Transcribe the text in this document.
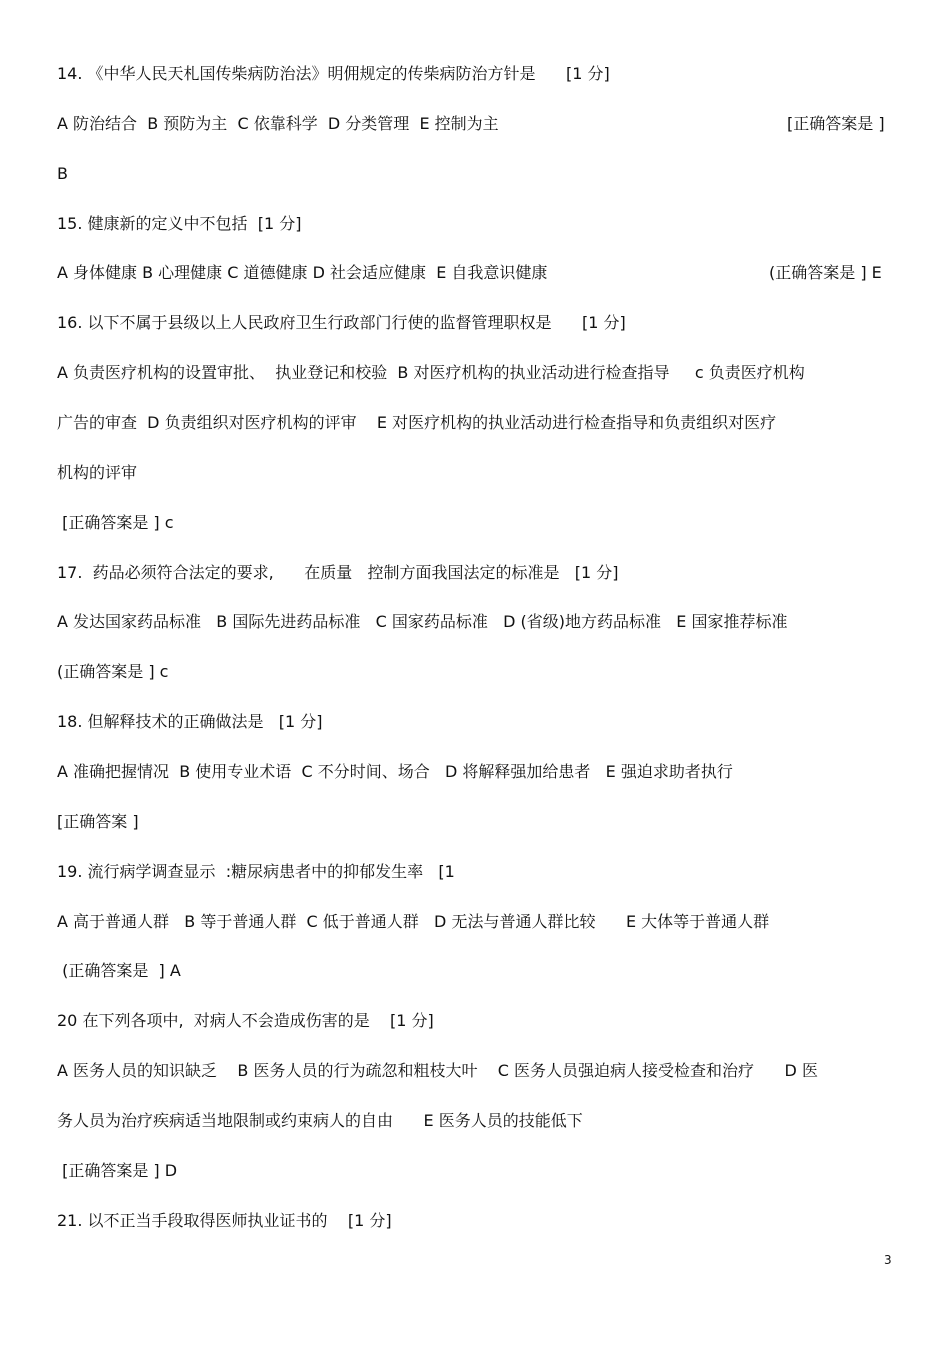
14. 《中华人民天札国传柴病防治法》明佣规定的传柴病防治方针是      [1 分]
A 防治结合  B 预防为主  C 依靠科学  D 分类管理  E 控制为主	[正确答案是 ]
B
15. 健康新的定义中不包括  [1 分]
A 身体健康 B 心理健康 C 道德健康 D 社会适应健康  E 自我意识健康	(正确答案是 ] E
16. 以下不属于县级以上人民政府卫生行政部门行使的监督管理职权是      [1 分]
A 负责医疗机构的设置审批、  执业登记和校验  B 对医疗机构的执业活动进行检查指导     c 负责医疗机构
广告的审查  D 负责组织对医疗机构的评审    E 对医疗机构的执业活动进行检查指导和负责组织对医疗
机构的评审
[正确答案是 ] c
17.  药品必须符合法定的要求,      在质量   控制方面我国法定的标准是   [1 分]
A 发达国家药品标准   B 国际先进药品标准   C 国家药品标准   D (省级)地方药品标准   E 国家推荐标准
(正确答案是 ] c
18. 但解释技术的正确做法是   [1 分]
A 准确把握情况  B 使用专业术语  C 不分时间、场合   D 将解释强加给患者   E 强迫求助者执行
[正确答案 ]
19. 流行病学调查显示  :糖尿病患者中的抑郁发生率   [1
A 高于普通人群   B 等于普通人群  C 低于普通人群   D 无法与普通人群比较      E 大体等于普通人群
(正确答案是  ] A
20 在下列各项中,  对病人不会造成伤害的是    [1 分]
A 医务人员的知识缺乏    B 医务人员的行为疏忽和粗枝大叶    C 医务人员强迫病人接受检查和治疗      D 医
务人员为治疗疾病适当地限制或约束病人的自由      E 医务人员的技能低下
[正确答案是 ] D
21. 以不正当手段取得医师执业证书的    [1 分]
3
